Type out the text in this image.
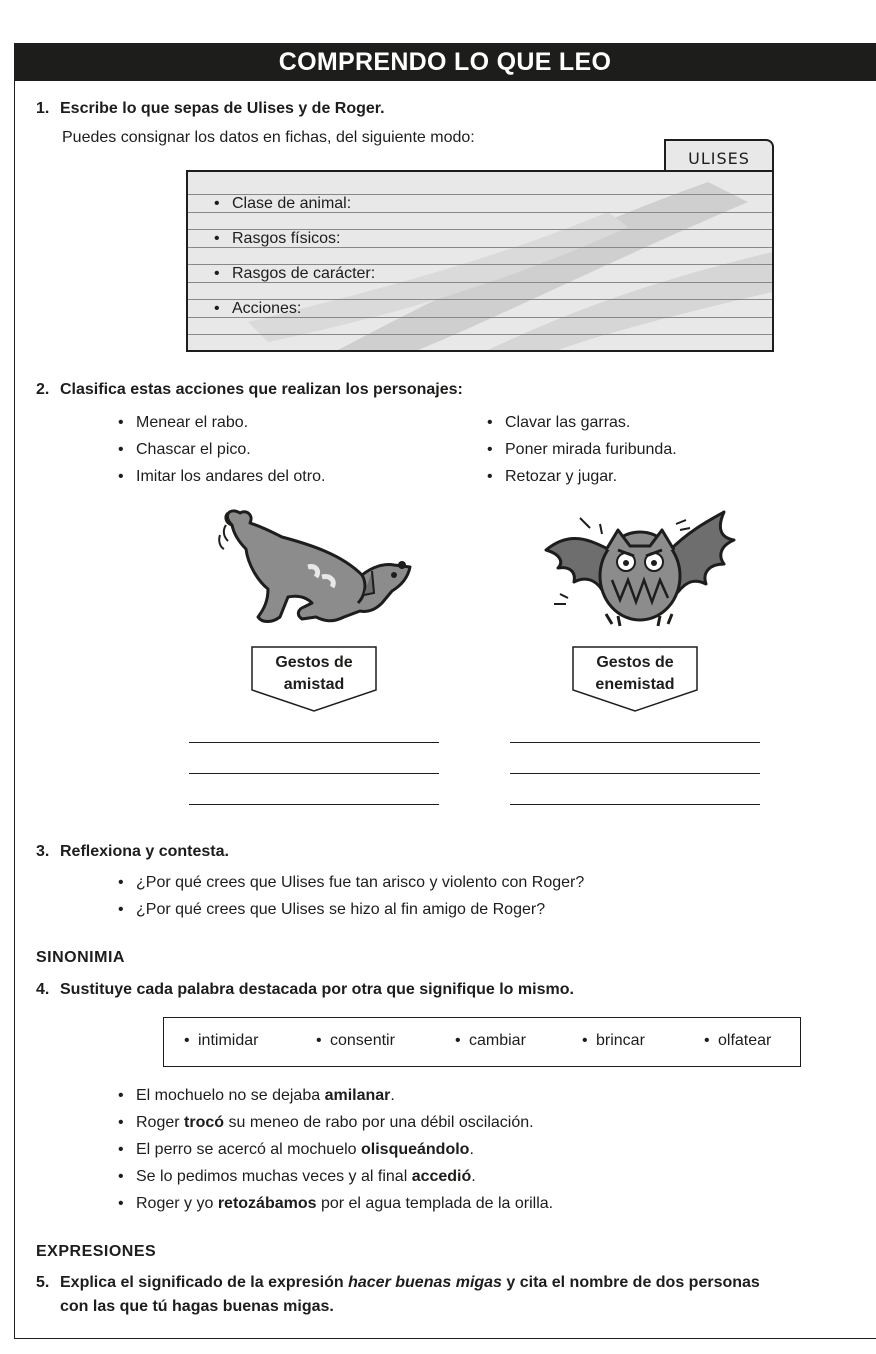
COMPRENDO LO QUE LEO
1. Escribe lo que sepas de Ulises y de Roger.
Puedes consignar los datos en fichas, del siguiente modo:
ULISES
• Clase de animal:
• Rasgos físicos:
• Rasgos de carácter:
• Acciones:
2. Clasifica estas acciones que realizan los personajes:
• Menear el rabo.
• Chascar el pico.
• Imitar los andares del otro.
• Clavar las garras.
• Poner mirada furibunda.
• Retozar y jugar.
Gestos de
amistad
Gestos de
enemistad
3. Reflexiona y contesta.
• ¿Por qué crees que Ulises fue tan arisco y violento con Roger?
• ¿Por qué crees que Ulises se hizo al fin amigo de Roger?
SINONIMIA
4. Sustituye cada palabra destacada por otra que signifique lo mismo.
• intimidar	• consentir	• cambiar	• brincar	• olfatear
• El mochuelo no se dejaba amilanar.
• Roger trocó su meneo de rabo por una débil oscilación.
• El perro se acercó al mochuelo olisqueándolo.
• Se lo pedimos muchas veces y al final accedió.
• Roger y yo retozábamos por el agua templada de la orilla.
EXPRESIONES
5. Explica el significado de la expresión hacer buenas migas y cita el nombre de dos personas
con las que tú hagas buenas migas.
